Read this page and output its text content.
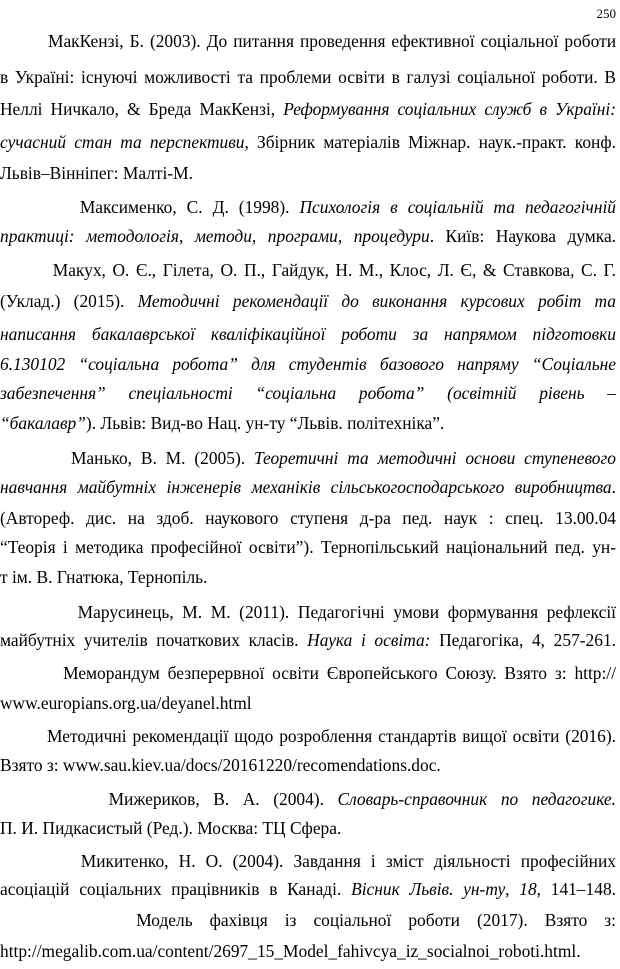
250
МакКензі, Б. (2003). До питання проведення ефективної соціальної роботи
в Україні: існуючі можливості та проблеми освіти в галузі соціальної роботи. В
Неллі Ничкало, & Бреда МакКензі, Реформування соціальних служб в Україні:
сучасний стан та перспективи, Збірник матеріалів Міжнар. наук.-практ. конф.
Львів–Вінніпег: Малті-М.
Максименко, С. Д. (1998). Психологія в соціальній та педагогічній
практиці: методологія, методи, програми, процедури. Київ: Наукова думка.
Макух, О. Є., Гілета, О. П., Гайдук, Н. М., Клос, Л. Є, & Ставкова, С. Г.
(Уклад.) (2015). Методичні рекомендації до виконання курсових робіт та
написання бакалаврської кваліфікаційної роботи за напрямом підготовки
6.130102 “соціальна робота” для студентів базового напряму “Соціальне
забезпечення” спеціальності “соціальна робота” (освітній рівень –
“бакалавр”). Львів: Вид-во Нац. ун-ту “Львів. політехніка”.
Манько, В. М. (2005). Теоретичні та методичні основи ступеневого
навчання майбутніх інженерів механіків сільськогосподарського виробництва.
(Автореф. дис. на здоб. наукового ступеня д-ра пед. наук : спец. 13.00.04
“Теорія і методика професійної освіти”). Тернопільський національний пед. ун-
т ім. В. Гнатюка, Тернопіль.
Марусинець, М. М. (2011). Педагогічні умови формування рефлексії
майбутніх учителів початкових класів. Наука і освіта: Педагогіка, 4, 257-261.
Меморандум безперервної освіти Європейського Союзу. Взято з: http://
www.europians.org.ua/deyanel.html
Методичні рекомендації щодо розроблення стандартів вищої освіти (2016).
Взято з: www.sau.kiev.ua/docs/20161220/recomendations.doc.
Мижериков, В. А. (2004). Словарь-справочник по педагогике.
П. И. Пидкасистый (Ред.). Москва: ТЦ Сфера.
Микитенко, Н. О. (2004). Завдання і зміст діяльності професійних
асоціацій соціальних працівників в Канаді. Вісник Львів. ун-ту, 18, 141–148.
Модель фахівця із соціальної роботи (2017). Взято з:
http://megalib.com.ua/content/2697_15_Model_fahivcya_iz_socialnoi_roboti.html.
